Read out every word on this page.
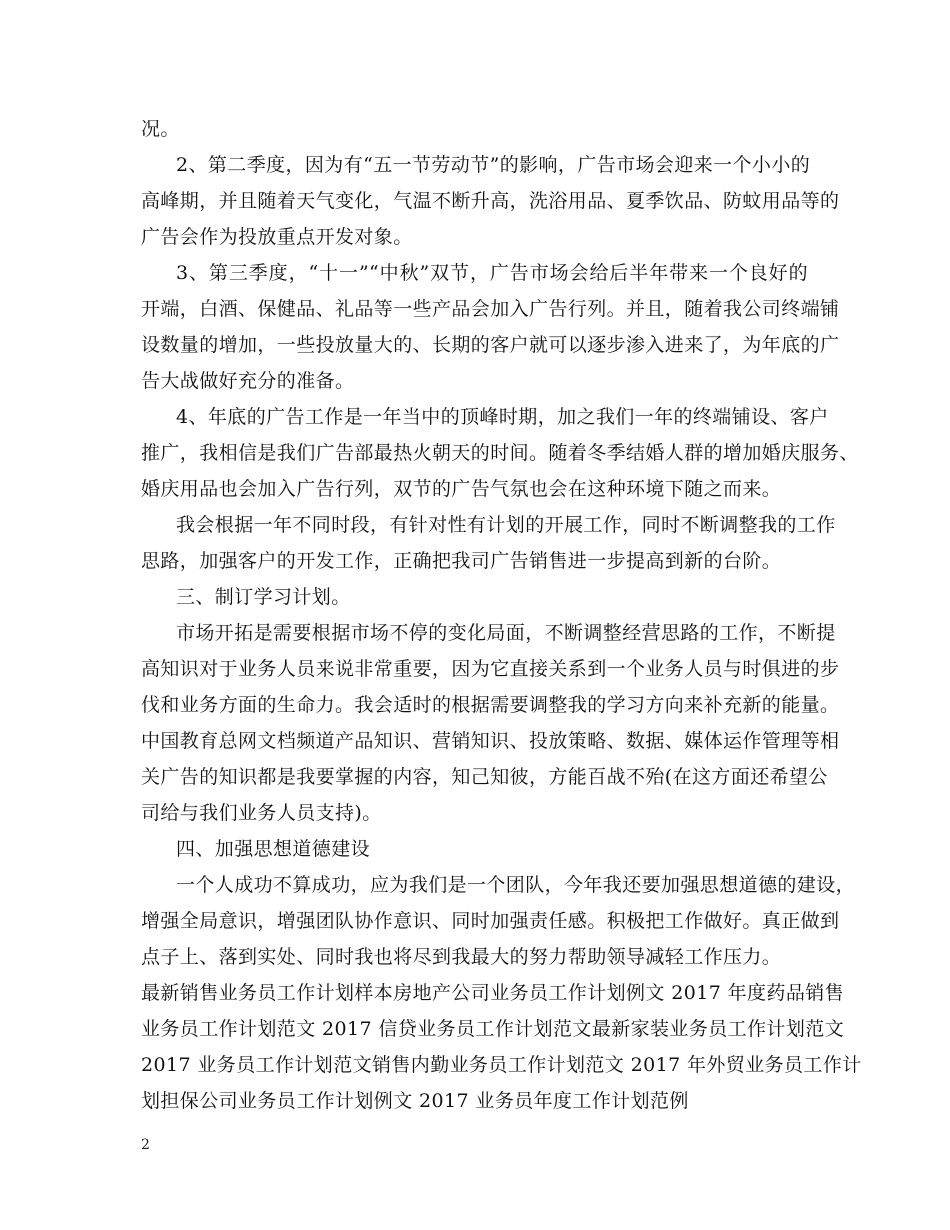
况。
2、第二季度，因为有“五一节劳动节”的影响，广告市场会迎来一个小小的
高峰期，并且随着天气变化，气温不断升高，洗浴用品、夏季饮品、防蚊用品等的
广告会作为投放重点开发对象。
3、第三季度，“十一”“中秋”双节，广告市场会给后半年带来一个良好的
开端，白酒、保健品、礼品等一些产品会加入广告行列。并且，随着我公司终端铺
设数量的增加，一些投放量大的、长期的客户就可以逐步渗入进来了，为年底的广
告大战做好充分的准备。
4、年底的广告工作是一年当中的顶峰时期，加之我们一年的终端铺设、客户
推广，我相信是我们广告部最热火朝天的时间。随着冬季结婚人群的增加婚庆服务、
婚庆用品也会加入广告行列，双节的广告气氛也会在这种环境下随之而来。
我会根据一年不同时段，有针对性有计划的开展工作，同时不断调整我的工作
思路，加强客户的开发工作，正确把我司广告销售进一步提高到新的台阶。
三、制订学习计划。
市场开拓是需要根据市场不停的变化局面，不断调整经营思路的工作，不断提
高知识对于业务人员来说非常重要，因为它直接关系到一个业务人员与时俱进的步
伐和业务方面的生命力。我会适时的根据需要调整我的学习方向来补充新的能量。
中国教育总网文档频道产品知识、营销知识、投放策略、数据、媒体运作管理等相
关广告的知识都是我要掌握的内容，知己知彼，方能百战不殆(在这方面还希望公
司给与我们业务人员支持)。
四、加强思想道德建设
一个人成功不算成功，应为我们是一个团队，今年我还要加强思想道德的建设，
增强全局意识，增强团队协作意识、同时加强责任感。积极把工作做好。真正做到
点子上、落到实处、同时我也将尽到我最大的努力帮助领导减轻工作压力。
最新销售业务员工作计划样本房地产公司业务员工作计划例文 2017 年度药品销售
业务员工作计划范文 2017 信贷业务员工作计划范文最新家装业务员工作计划范文
2017 业务员工作计划范文销售内勤业务员工作计划范文 2017 年外贸业务员工作计
划担保公司业务员工作计划例文 2017 业务员年度工作计划范例
2
